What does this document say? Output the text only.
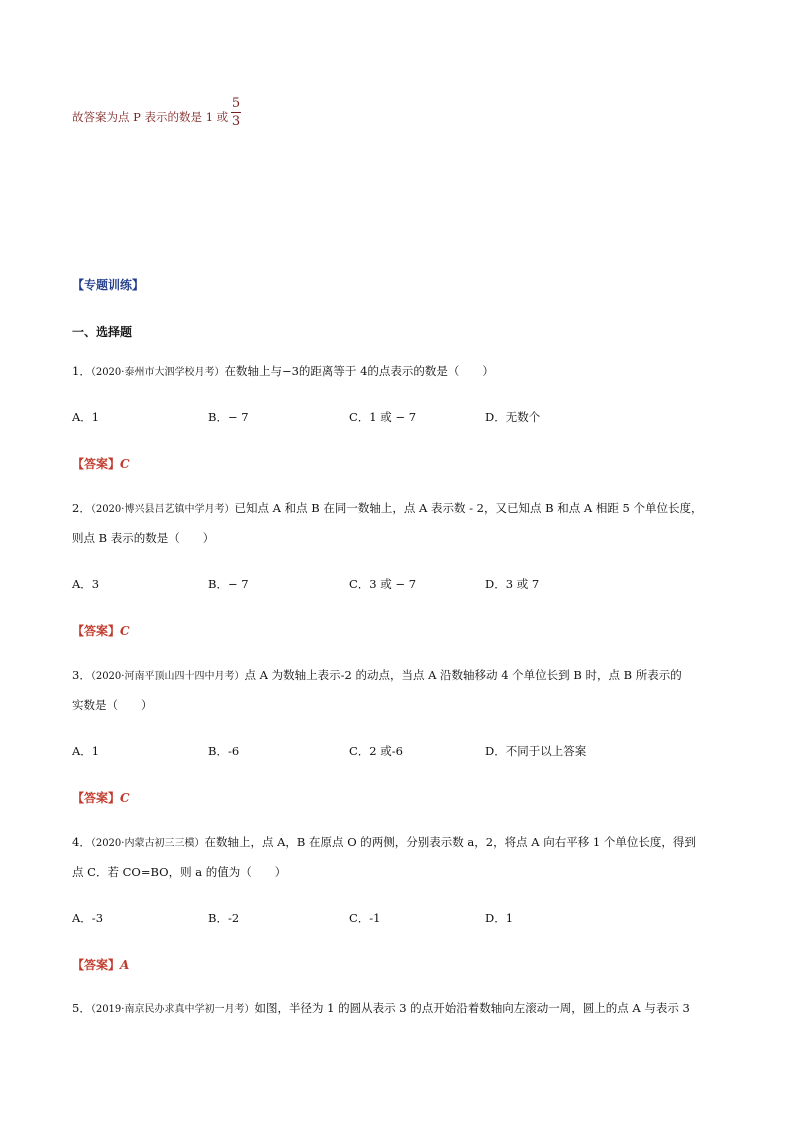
故答案为点 P 表示的数是 1 或
5
3
【专题训练】
一、选择题
1．（2020·泰州市大泗学校月考）在数轴上与−3的距离等于 4的点表示的数是（　　）
A．1	B．− 7	C．1 或 − 7	D．无数个
【答案】C
2．（2020·博兴县吕艺镇中学月考）已知点 A 和点 B 在同一数轴上，点 A 表示数 - 2，又已知点 B 和点 A 相距 5 个单位长度，
则点 B 表示的数是（　　）
A．3	B．− 7	C．3 或 − 7	D．3 或 7
【答案】C
3．（2020·河南平顶山四十四中月考）点 A 为数轴上表示-2 的动点，当点 A 沿数轴移动 4 个单位长到 B 时，点 B 所表示的
实数是（　　）
A．1	B．-6	C．2 或-6	D．不同于以上答案
【答案】C
4．（2020·内蒙古初三三模）在数轴上，点 A，B 在原点 O 的两侧，分别表示数 a，2，将点 A 向右平移 1 个单位长度，得到
点 C．若 CO=BO，则 a 的值为（　　）
A．-3	B．-2	C．-1	D．1
【答案】A
5．（2019·南京民办求真中学初一月考）如图，半径为 1 的圆从表示 3 的点开始沿着数轴向左滚动一周，圆上的点 A 与表示 3
